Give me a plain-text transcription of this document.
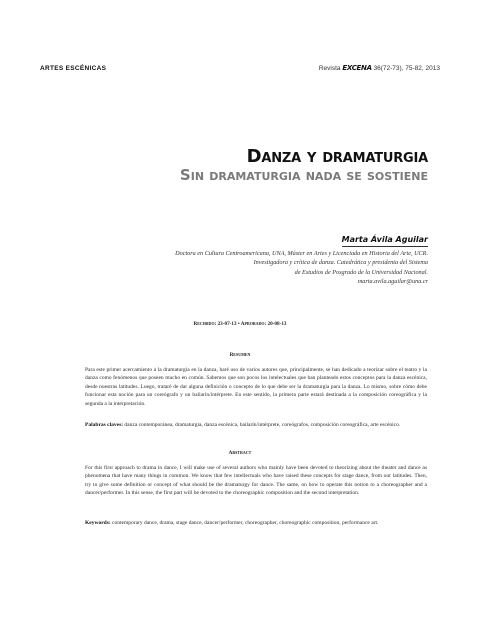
ARTES ESCÉNICAS	Revista EXCENA 36(72-73), 75-82, 2013
Danza y dramaturgia
Sin dramaturgia nada se sostiene
Marta Ávila Aguilar
Doctora en Cultura Centroamericana, UNA, Máster en Artes y Licenciada en Historia del Arte, UCR.
Investigadora y crítica de danza. Catedrática y presidenta del Sistema
de Estudios de Posgrado de la Universidad Nacional.
marta.avila.aguilar@una.cr
Recibido: 23-07-13 • Aprobado: 20-08-13
Resumen

Para este primer acercamiento a la dramaturgia en la danza, haré uso de varios autores que, principalmente, se han dedicado a teorizar sobre el teatro y la danza como fenómenos que poseen mucho en común. Sabemos que son pocos los intelectuales que han planteado estos conceptos para la danza escénica, desde nuestras latitudes. Luego, trataré de dar alguna definición o concepto de lo que debe ser la dramaturgia para la danza. Lo mismo, sobre cómo debe funcionar esta noción para un coreógrafo y un bailarín/intérprete. En este sentido, la primera parte estará destinada a la composición coreográfica y la segunda a la interpretación.

Palabras claves: danza contemporánea, dramaturgia, danza escénica, bailarín/intérprete, coreógrafos, composición coreográfica, arte escénico.

Abstract

For this first approach to drama in dance, I will make use of several authors who mainly have been devoted to theorizing about the theater and dance as phenomena that have many things in common. We know that few intellectuals who have raised these concepts for stage dance, from our latitudes. Then, try to give some definition or concept of what should be the dramaturgy for dance. The same, on how to operate this notion to a choreographer and a dancer/performer. In this sense, the first part will be devoted to the choreographic composition and the second interpretation.

Keywords: contemporary dance, drama, stage dance, dancer/performer, choreographer, choreographic composition, performance art.
